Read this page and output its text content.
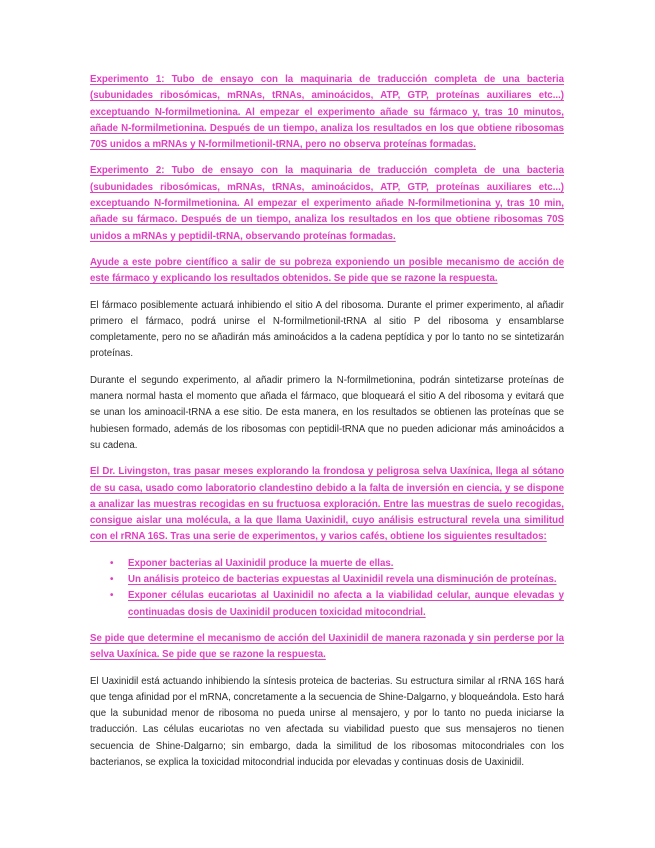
Experimento 1: Tubo de ensayo con la maquinaria de traducción completa de una bacteria (subunidades ribosómicas, mRNAs, tRNAs, aminoácidos, ATP, GTP, proteínas auxiliares etc...) exceptuando N-formilmetionina. Al empezar el experimento añade su fármaco y, tras 10 minutos, añade N-formilmetionina. Después de un tiempo, analiza los resultados en los que obtiene ribosomas 70S unidos a mRNAs y N-formilmetionil-tRNA, pero no observa proteínas formadas.

Experimento 2: Tubo de ensayo con la maquinaria de traducción completa de una bacteria (subunidades ribosómicas, mRNAs, tRNAs, aminoácidos, ATP, GTP, proteínas auxiliares etc...) exceptuando N-formilmetionina. Al empezar el experimento añade N-formilmetionina y, tras 10 min, añade su fármaco. Después de un tiempo, analiza los resultados en los que obtiene ribosomas 70S unidos a mRNAs y peptidil-tRNA, observando proteínas formadas.

Ayude a este pobre científico a salir de su pobreza exponiendo un posible mecanismo de acción de este fármaco y explicando los resultados obtenidos. Se pide que se razone la respuesta.

El fármaco posiblemente actuará inhibiendo el sitio A del ribosoma. Durante el primer experimento, al añadir primero el fármaco, podrá unirse el N-formilmetionil-tRNA al sitio P del ribosoma y ensamblarse completamente, pero no se añadirán más aminoácidos a la cadena peptídica y por lo tanto no se sintetizarán proteínas.

Durante el segundo experimento, al añadir primero la N-formilmetionina, podrán sintetizarse proteínas de manera normal hasta el momento que añada el fármaco, que bloqueará el sitio A del ribosoma y evitará que se unan los aminoacil-tRNA a ese sitio. De esta manera, en los resultados se obtienen las proteínas que se hubiesen formado, además de los ribosomas con peptidil-tRNA que no pueden adicionar más aminoácidos a su cadena.

El Dr. Livingston, tras pasar meses explorando la frondosa y peligrosa selva Uaxínica, llega al sótano de su casa, usado como laboratorio clandestino debido a la falta de inversión en ciencia, y se dispone a analizar las muestras recogidas en su fructuosa exploración. Entre las muestras de suelo recogidas, consigue aislar una molécula, a la que llama Uaxinidil, cuyo análisis estructural revela una similitud con el rRNA 16S. Tras una serie de experimentos, y varios cafés, obtiene los siguientes resultados:

• Exponer bacterias al Uaxinidil produce la muerte de ellas.
• Un análisis proteico de bacterias expuestas al Uaxinidil revela una disminución de proteínas.
• Exponer células eucariotas al Uaxinidil no afecta a la viabilidad celular, aunque elevadas y continuadas dosis de Uaxinidil producen toxicidad mitocondrial.

Se pide que determine el mecanismo de acción del Uaxinidil de manera razonada y sin perderse por la selva Uaxínica. Se pide que se razone la respuesta.

El Uaxinidil está actuando inhibiendo la síntesis proteica de bacterias. Su estructura similar al rRNA 16S hará que tenga afinidad por el mRNA, concretamente a la secuencia de Shine-Dalgarno, y bloqueándola. Esto hará que la subunidad menor de ribosoma no pueda unirse al mensajero, y por lo tanto no pueda iniciarse la traducción. Las células eucariotas no ven afectada su viabilidad puesto que sus mensajeros no tienen secuencia de Shine-Dalgarno; sin embargo, dada la similitud de los ribosomas mitocondriales con los bacterianos, se explica la toxicidad mitocondrial inducida por elevadas y continuas dosis de Uaxinidil.
